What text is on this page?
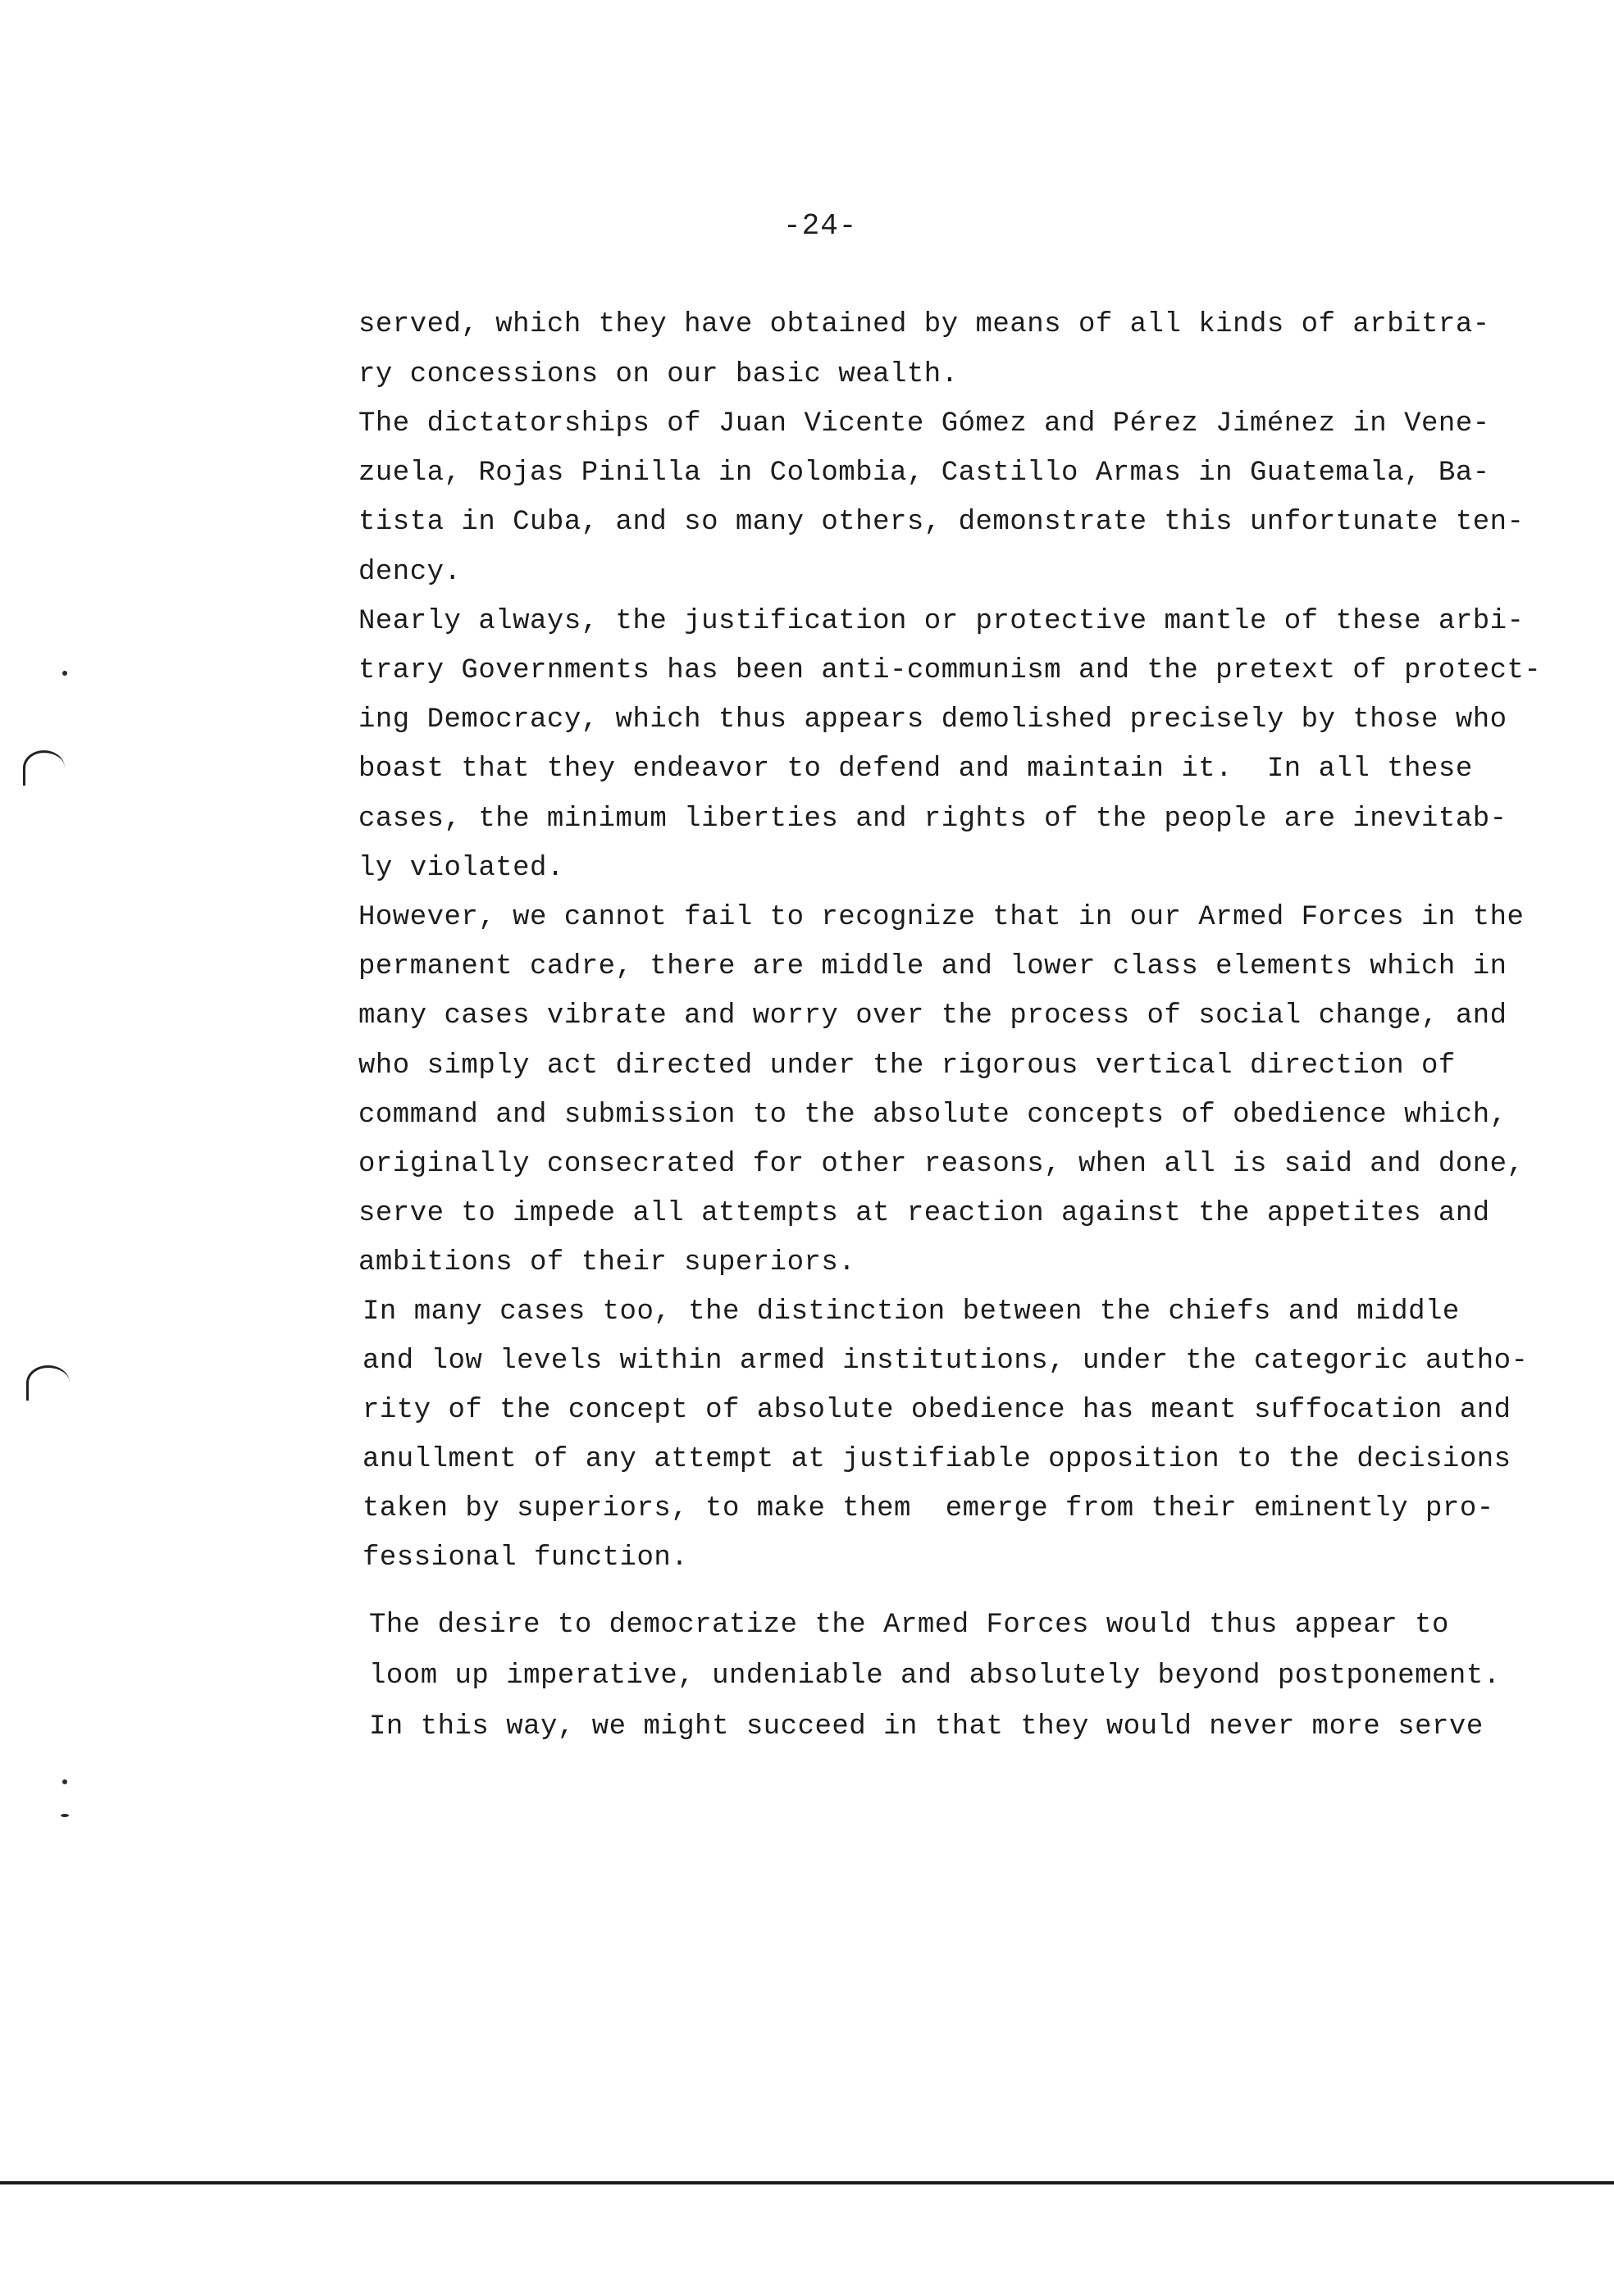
-24-
served, which they have obtained by means of all kinds of arbitra-
ry concessions on our basic wealth.
The dictatorships of Juan Vicente Gómez and Pérez Jiménez in Vene-
zuela, Rojas Pinilla in Colombia, Castillo Armas in Guatemala, Ba-
tista in Cuba, and so many others, demonstrate this unfortunate ten-
dency.
Nearly always, the justification or protective mantle of these arbi-
trary Governments has been anti-communism and the pretext of protect-
ing Democracy, which thus appears demolished precisely by those who
boast that they endeavor to defend and maintain it.  In all these
cases, the minimum liberties and rights of the people are inevitab-
ly violated.
However, we cannot fail to recognize that in our Armed Forces in the
permanent cadre, there are middle and lower class elements which in
many cases vibrate and worry over the process of social change, and
who simply act directed under the rigorous vertical direction of
command and submission to the absolute concepts of obedience which,
originally consecrated for other reasons, when all is said and done,
serve to impede all attempts at reaction against the appetites and
ambitions of their superiors.
In many cases too, the distinction between the chiefs and middle
and low levels within armed institutions, under the categoric autho-
rity of the concept of absolute obedience has meant suffocation and
anullment of any attempt at justifiable opposition to the decisions
taken by superiors, to make them  emerge from their eminently pro-
fessional function.
The desire to democratize the Armed Forces would thus appear to
loom up imperative, undeniable and absolutely beyond postponement.
In this way, we might succeed in that they would never more serve
